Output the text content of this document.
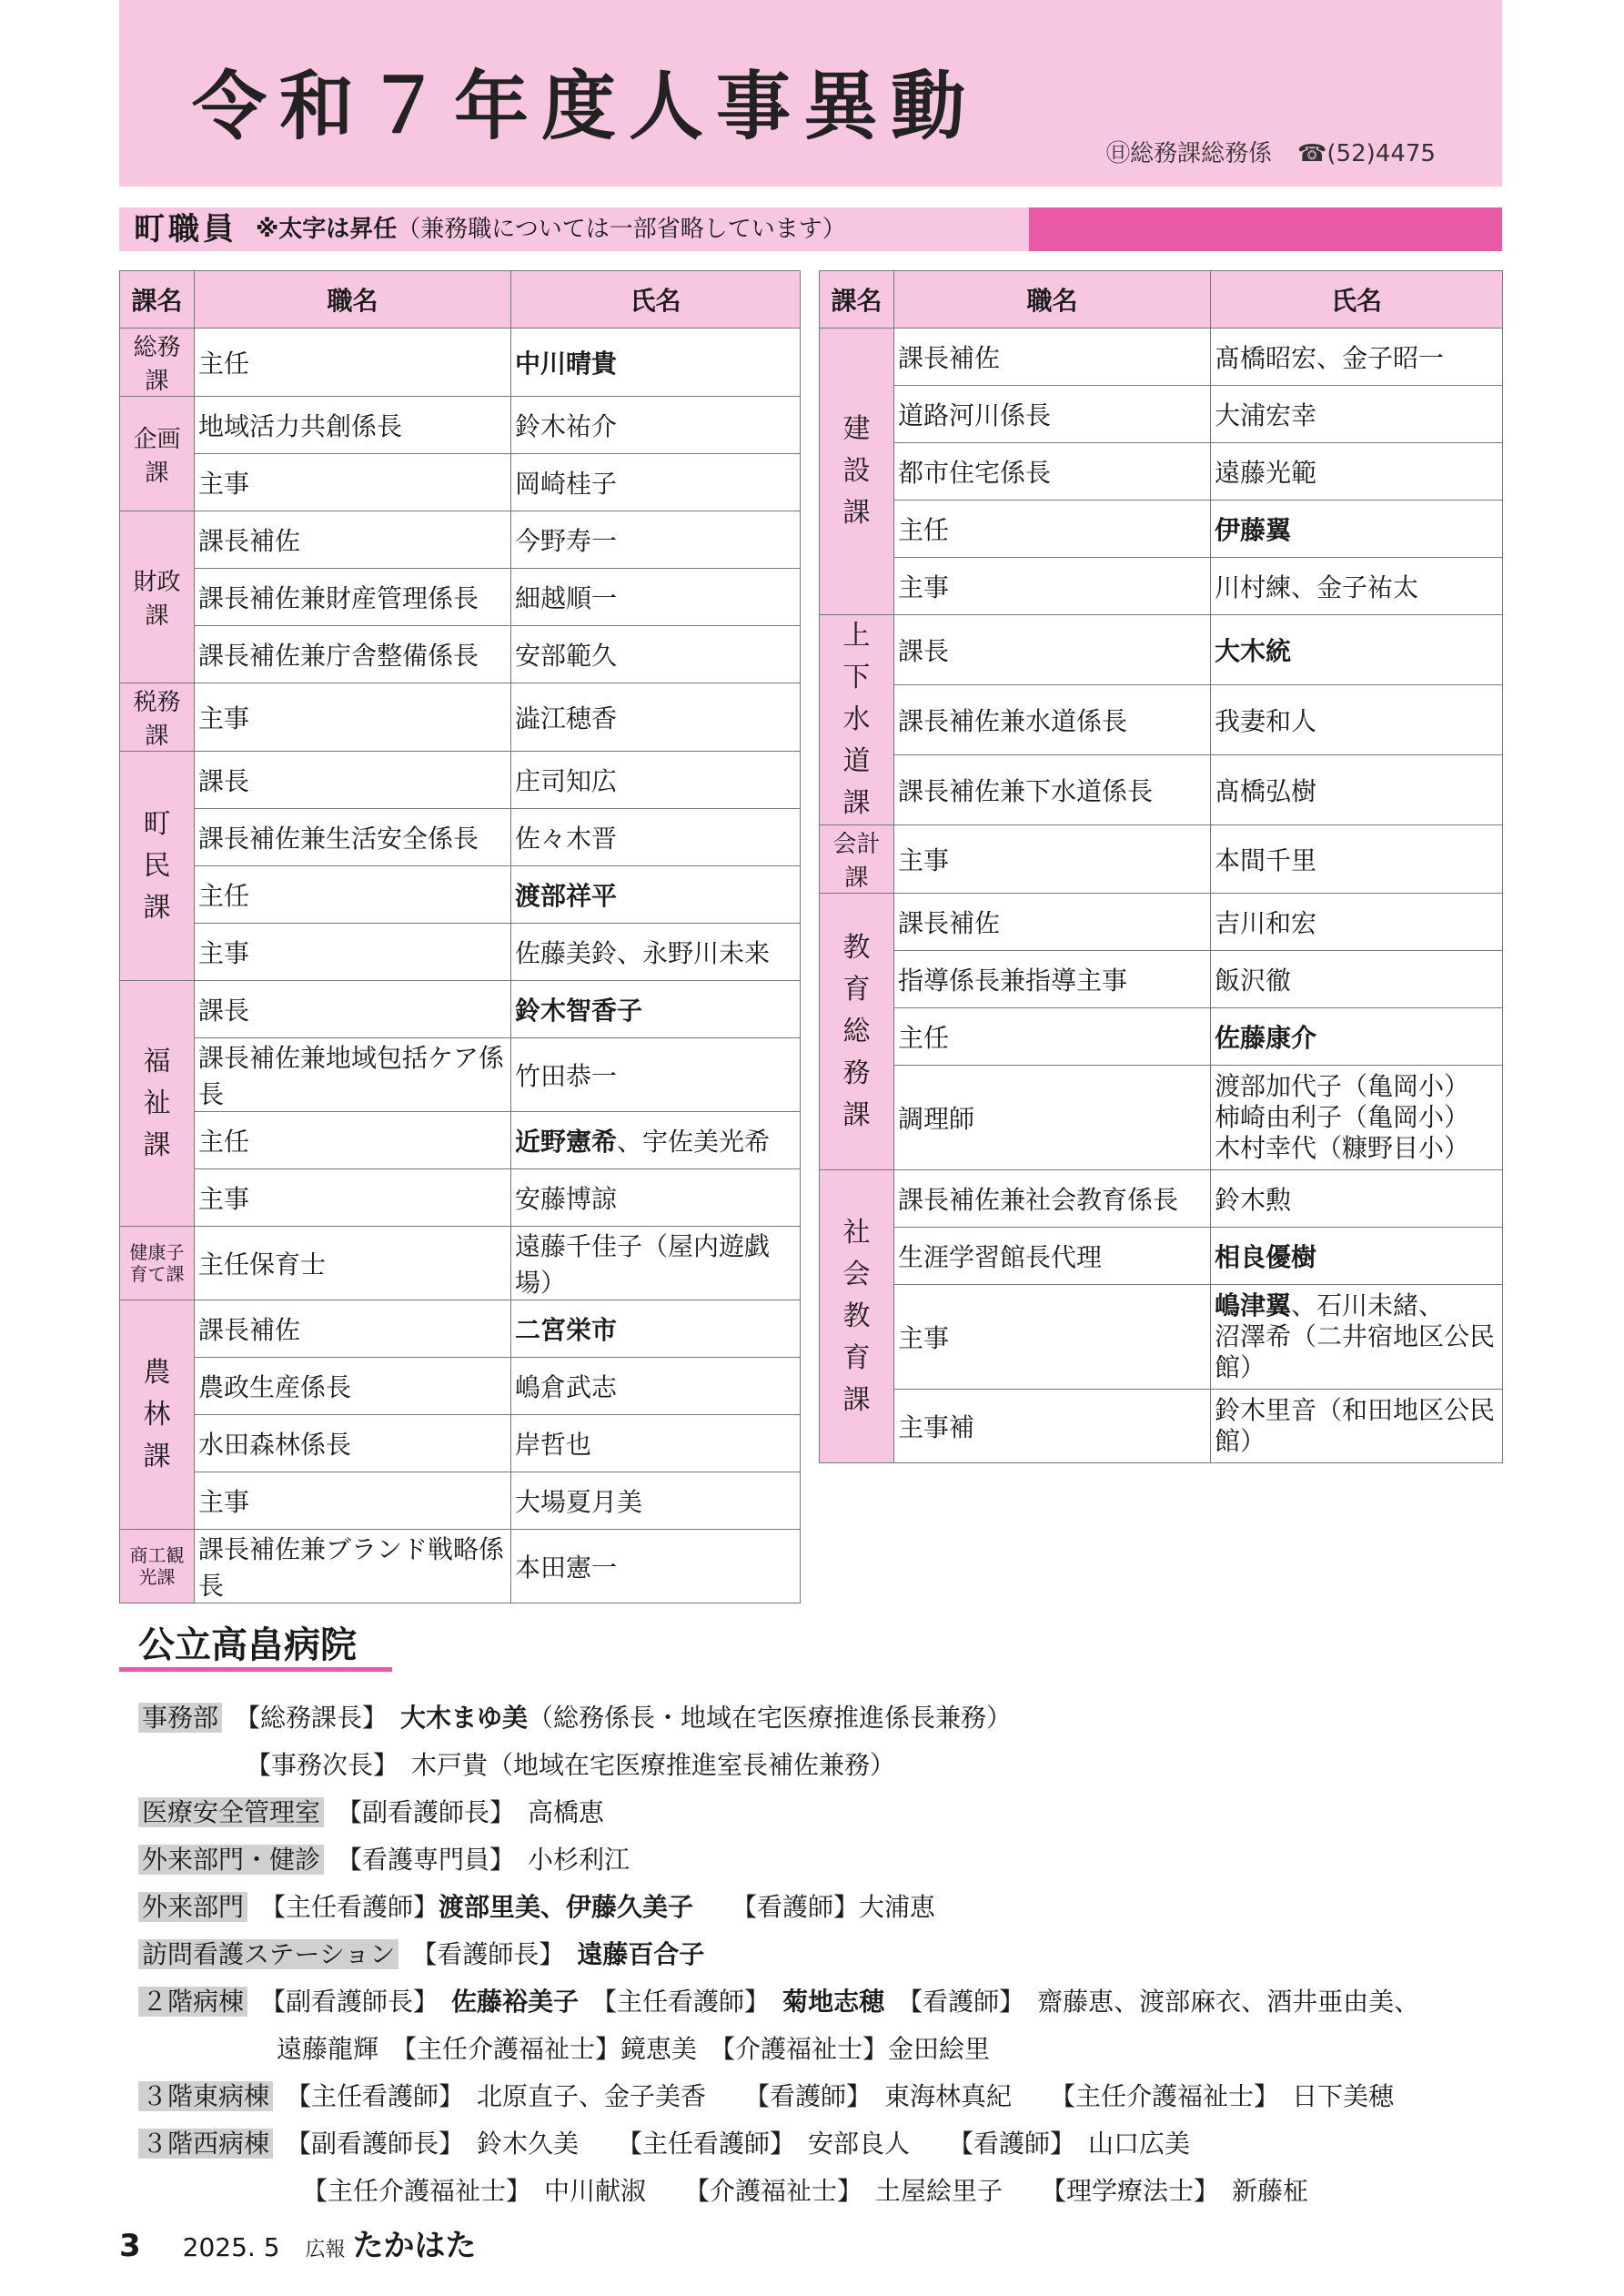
令和７年度人事異動
㊐総務課総務係 ☎(52)4475
町職員 ※太字は昇任（兼務職については一部省略しています）
課名	職名	氏名
総務課	主任	中川晴貴
企画課	地域活力共創係長	鈴木祐介
	主事	岡崎桂子
財政課	課長補佐	今野寿一
	課長補佐兼財産管理係長	細越順一
	課長補佐兼庁舎整備係長	安部範久
税務課	主事	澁江穂香
町民課	課長	庄司知広
	課長補佐兼生活安全係長	佐々木晋
	主任	渡部祥平
	主事	佐藤美鈴、永野川未来
福祉課	課長	鈴木智香子
	課長補佐兼地域包括ケア係長	竹田恭一
	主任	近野憲希、宇佐美光希
	主事	安藤博諒
健康子育て課	主任保育士	遠藤千佳子（屋内遊戯場）
農林課	課長補佐	二宮栄市
	農政生産係長	嶋倉武志
	水田森林係長	岸哲也
	主事	大場夏月美
商工観光課	課長補佐兼ブランド戦略係長	本田憲一
課名	職名	氏名
建設課	課長補佐	髙橋昭宏、金子昭一
	道路河川係長	大浦宏幸
	都市住宅係長	遠藤光範
	主任	伊藤翼
	主事	川村練、金子祐太
上下水道課	課長	大木統
	課長補佐兼水道係長	我妻和人
	課長補佐兼下水道係長	髙橋弘樹
会計課	主事	本間千里
教育総務課	課長補佐	吉川和宏
	指導係長兼指導主事	飯沢徹
	主任	佐藤康介
	調理師	渡部加代子（亀岡小）
柿崎由利子（亀岡小）
木村幸代（糠野目小）
社会教育課	課長補佐兼社会教育係長	鈴木勲
	生涯学習館長代理	相良優樹
	主事	嶋津翼、石川未緒、
沼澤希（二井宿地区公民館）
	主事補	鈴木里音（和田地区公民館）
公立高畠病院
事務部　【総務課長】　大木まゆ美（総務係長・地域在宅医療推進係長兼務）
【事務次長】　木戸貴（地域在宅医療推進室長補佐兼務）
医療安全管理室　【副看護師長】　高橋恵
外来部門・健診　【看護専門員】　小杉利江
外来部門　【主任看護師】渡部里美、伊藤久美子　　【看護師】大浦恵
訪問看護ステーション　【看護師長】　遠藤百合子
２階病棟　【副看護師長】　佐藤裕美子　【主任看護師】　菊地志穂　【看護師】　齋藤恵、渡部麻衣、酒井亜由美、
遠藤龍輝　【主任介護福祉士】鏡恵美　【介護福祉士】金田絵里
３階東病棟　【主任看護師】　北原直子、金子美香　　【看護師】　東海林真紀　　【主任介護福祉士】　日下美穂
３階西病棟　【副看護師長】　鈴木久美　　【主任看護師】　安部良人　　【看護師】　山口広美
【主任介護福祉士】　中川献淑　　【介護福祉士】　土屋絵里子　　【理学療法士】　新藤柾
3 2025. 5 広報 たかはた
